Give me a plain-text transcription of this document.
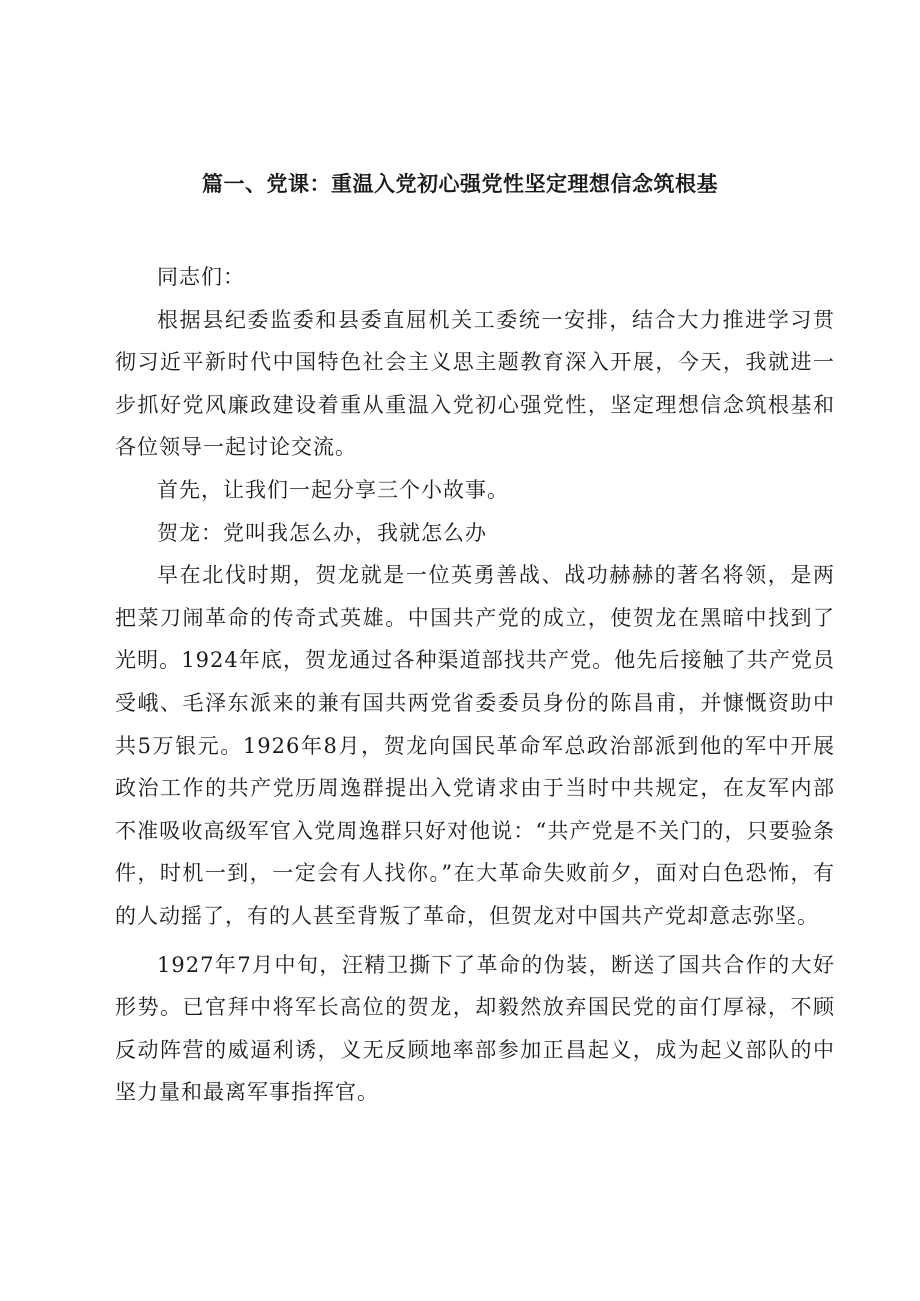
篇一、党课：重温入党初心强党性坚定理想信念筑根基

同志们：

根据县纪委监委和县委直屈机关工委统一安排，结合大力推进学习贯彻习近平新时代中国特色社会主义思主题教育深入开展，今天，我就进一步抓好党风廉政建设着重从重温入党初心强党性，坚定理想信念筑根基和各位领导一起讨论交流。

首先，让我们一起分享三个小故事。

贺龙：党叫我怎么办，我就怎么办

早在北伐时期，贺龙就是一位英勇善战、战功赫赫的著名将领，是两把菜刀闹革命的传奇式英雄。中国共产党的成立，使贺龙在黑暗中找到了光明。1924年底，贺龙通过各种渠道部找共产党。他先后接触了共产党员受峨、毛泽东派来的兼有国共两党省委委员身份的陈昌甫，并慷慨资助中共5万银元。1926年8月，贺龙向国民革命军总政治部派到他的军中开展政治工作的共产党历周逸群提出入党请求由于当时中共规定，在友军内部不准吸收高级军官入党周逸群只好对他说：“共产党是不关门的，只要验条件，时机一到，一定会有人找你。”在大革命失败前夕，面对白色恐怖，有的人动摇了，有的人甚至背叛了革命，但贺龙对中国共产党却意志弥坚。

1927年7月中旬，汪精卫撕下了革命的伪装，断送了国共合作的大好形势。已官拜中将军长高位的贺龙，却毅然放弃国民党的亩仃厚禄，不顾反动阵营的威逼利诱，义无反顾地率部参加正昌起义，成为起义部队的中坚力量和最离军事指挥官。
